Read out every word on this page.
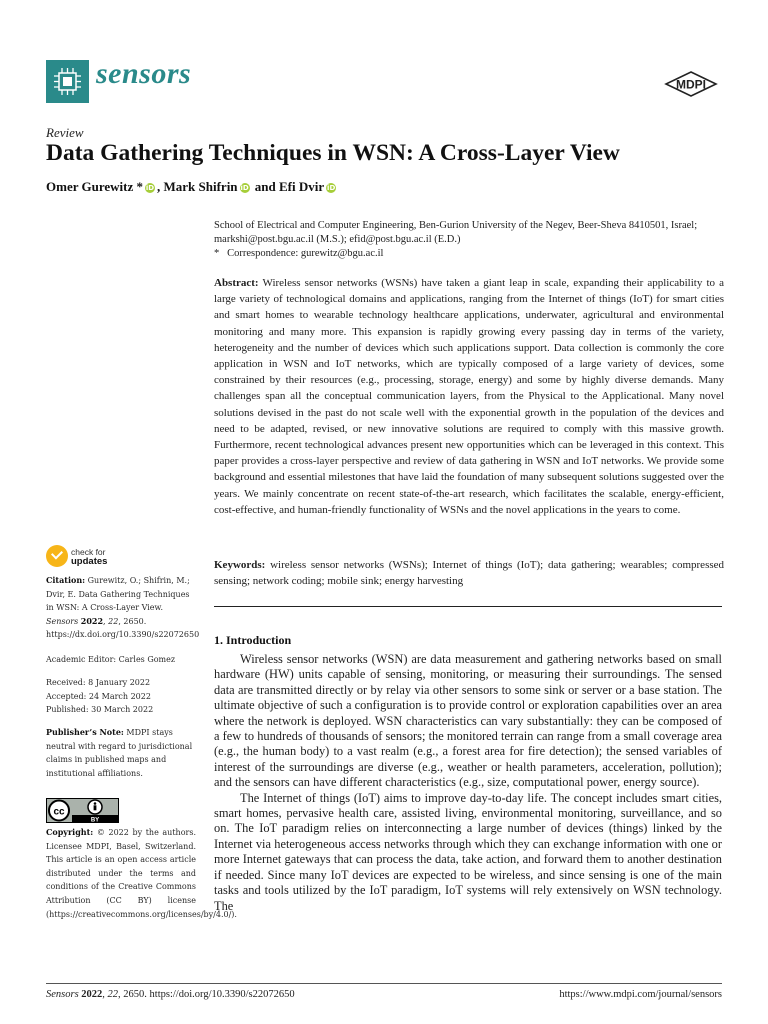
sensors	MDPI
Review
Data Gathering Techniques in WSN: A Cross-Layer View
Omer Gurewitz * iD , Mark Shifrin iD and Efi Dvir iD
School of Electrical and Computer Engineering, Ben-Gurion University of the Negev, Beer-Sheva 8410501, Israel;
markshi@post.bgu.ac.il (M.S.); efid@post.bgu.ac.il (E.D.)
*   Correspondence: gurewitz@bgu.ac.il
Abstract: Wireless sensor networks (WSNs) have taken a giant leap in scale, expanding their applicability to a large variety of technological domains and applications, ranging from the Internet of things (IoT) for smart cities and smart homes to wearable technology healthcare applications, underwater, agricultural and environmental monitoring and many more. This expansion is rapidly growing every passing day in terms of the variety, heterogeneity and the number of devices which such applications support. Data collection is commonly the core application in WSN and IoT networks, which are typically composed of a large variety of devices, some constrained by their resources (e.g., processing, storage, energy) and some by highly diverse demands. Many challenges span all the conceptual communication layers, from the Physical to the Applicational. Many novel solutions devised in the past do not scale well with the exponential growth in the population of the devices and need to be adapted, revised, or new innovative solutions are required to comply with this massive growth. Furthermore, recent technological advances present new opportunities which can be leveraged in this context. This paper provides a cross-layer perspective and review of data gathering in WSN and IoT networks. We provide some background and essential milestones that have laid the foundation of many subsequent solutions suggested over the years. We mainly concentrate on recent state-of-the-art research, which facilitates the scalable, energy-efficient, cost-effective, and human-friendly functionality of WSNs and the novel applications in the years to come.
Keywords: wireless sensor networks (WSNs); Internet of things (IoT); data gathering; wearables; compressed sensing; network coding; mobile sink; energy harvesting
1. Introduction

Wireless sensor networks (WSN) are data measurement and gathering networks based on small hardware (HW) units capable of sensing, monitoring, or measuring their surroundings. The sensed data are transmitted directly or by relay via other sensors to some sink or server or a base station. The ultimate objective of such a configuration is to provide control or exploration capabilities over an area where the network is deployed. WSN characteristics can vary substantially: they can be composed of a few to hundreds of thousands of sensors; the monitored terrain can range from a small coverage area (e.g., the human body) to a vast realm (e.g., a forest area for fire detection); the sensed variables of interest of the surroundings are diverse (e.g., weather or health parameters, acceleration, pollution); and the sensors can have different characteristics (e.g., size, computational power, energy source).

The Internet of things (IoT) aims to improve day-to-day life. The concept includes smart cities, smart homes, pervasive health care, assisted living, environmental monitoring, surveillance, and so on. The IoT paradigm relies on interconnecting a large number of devices (things) linked by the Internet via heterogeneous access networks through which they can exchange information with one or more Internet gateways that can process the data, take action, and forward them to another destination if needed. Since many IoT devices are expected to be wireless, and since sensing is one of the main tasks and tools utilized by the IoT paradigm, IoT systems will rely extensively on WSN technology. The

check for
updates
Citation: Gurewitz, O.; Shifrin, M.; Dvir, E. Data Gathering Techniques in WSN: A Cross-Layer View. Sensors 2022, 22, 2650. https://dx.doi.org/10.3390/s22072650
Academic Editor: Carles Gomez
Received: 8 January 2022
Accepted: 24 March 2022
Published: 30 March 2022
Publisher’s Note: MDPI stays neutral with regard to jurisdictional claims in published maps and institutional affiliations.
cc
BY
Copyright: © 2022 by the authors. Licensee MDPI, Basel, Switzerland. This article is an open access article distributed under the terms and conditions of the Creative Commons Attribution (CC BY) license (https://creativecommons.org/licenses/by/4.0/).
Sensors 2022, 22, 2650. https://doi.org/10.3390/s22072650	https://www.mdpi.com/journal/sensors
